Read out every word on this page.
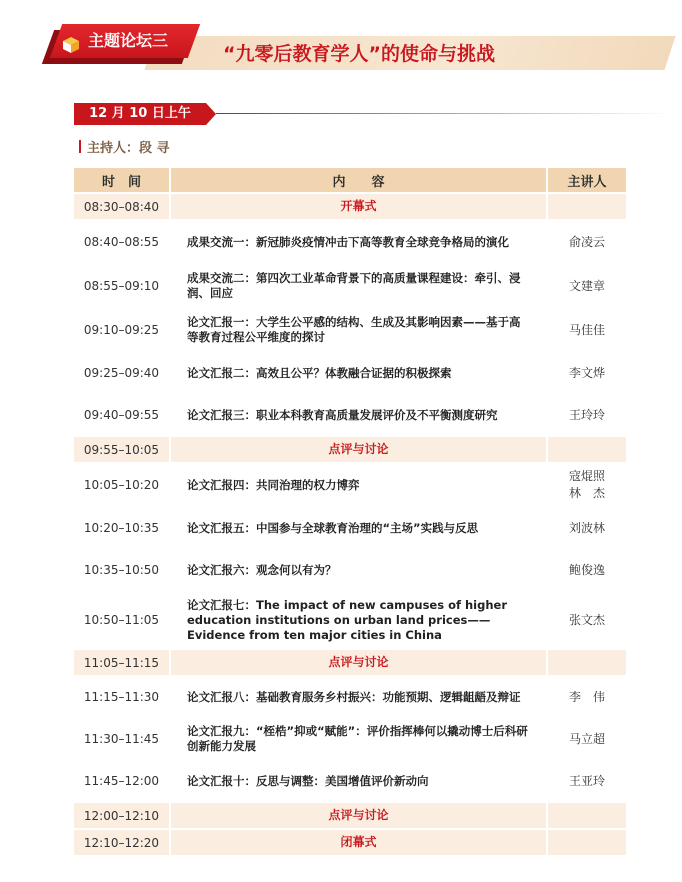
“九零后教育学人”的使命与挑战
主题论坛三
12 月 10 日上午
主持人：段 寻
时　间	内　　容	主讲人
08:30–08:40	开幕式	
08:40–08:55	成果交流一：新冠肺炎疫情冲击下高等教育全球竞争格局的演化	俞凌云
08:55–09:10	成果交流二：第四次工业革命背景下的高质量课程建设：牵引、浸润、回应	文建章
09:10–09:25	论文汇报一：大学生公平感的结构、生成及其影响因素——基于高等教育过程公平维度的探讨	马佳佳
09:25–09:40	论文汇报二：高效且公平？体教融合证据的积极探索	李文烨
09:40–09:55	论文汇报三：职业本科教育高质量发展评价及不平衡测度研究	王玲玲
09:55–10:05	点评与讨论	
10:05–10:20	论文汇报四：共同治理的权力博弈	寇焜照
林　杰
10:20–10:35	论文汇报五：中国参与全球教育治理的“主场”实践与反思	刘波林
10:35–10:50	论文汇报六：观念何以有为？	鲍俊逸
10:50–11:05	论文汇报七：The impact of new campuses of higher education institutions on urban land prices——Evidence from ten major cities in China	张文杰
11:05–11:15	点评与讨论	
11:15–11:30	论文汇报八：基础教育服务乡村振兴：功能预期、逻辑龃龉及辩证	李　伟
11:30–11:45	论文汇报九：“桎梏”抑或“赋能”：评价指挥棒何以撬动博士后科研创新能力发展	马立超
11:45–12:00	论文汇报十：反思与调整：美国增值评价新动向	王亚玲
12:00–12:10	点评与讨论	
12:10–12:20	闭幕式	
